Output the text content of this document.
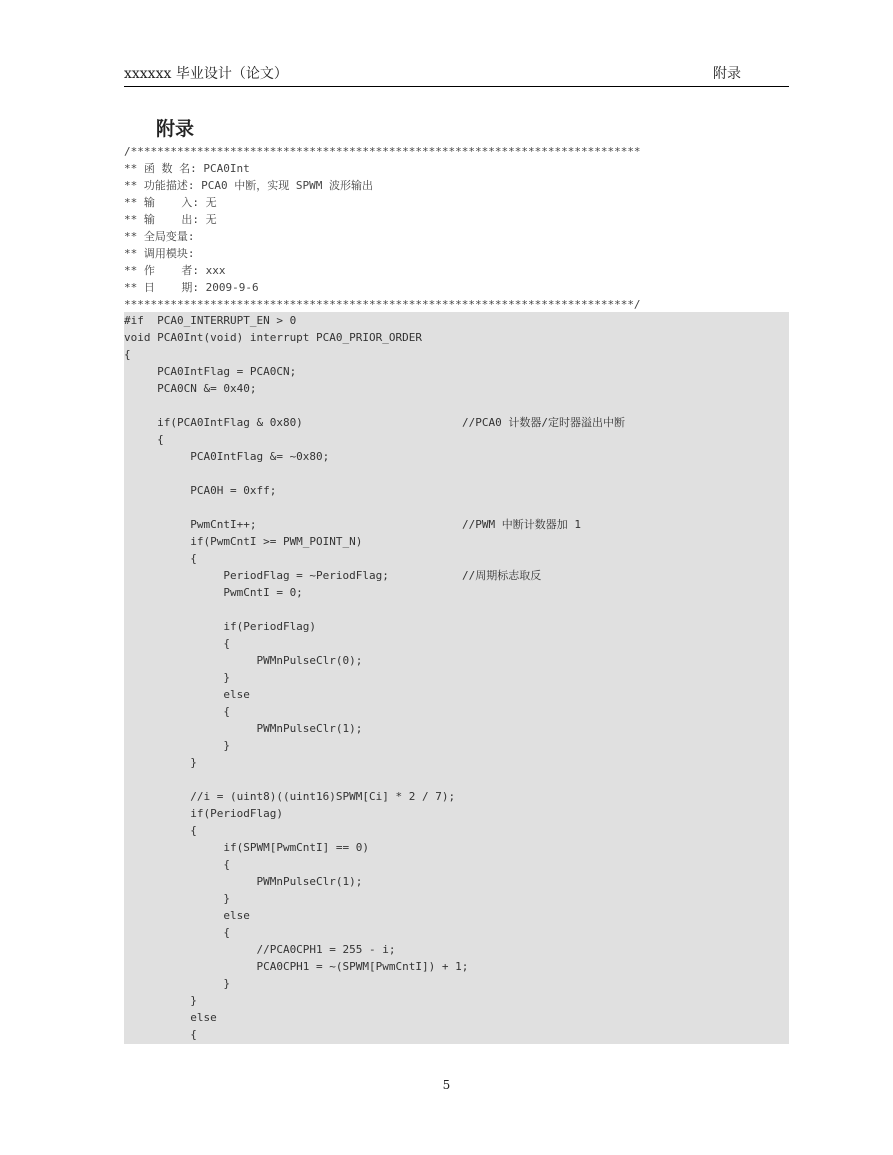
xxxxxx 毕业设计（论文）	附录
附录
/*****************************************************************************
** 函 数 名: PCA0Int
** 功能描述: PCA0 中断，实现 SPWM 波形输出
** 输    入: 无
** 输    出: 无
** 全局变量:
** 调用模块:
** 作    者: xxx
** 日    期: 2009-9-6
*****************************************************************************/
#if  PCA0_INTERRUPT_EN > 0
void PCA0Int(void) interrupt PCA0_PRIOR_ORDER
{
PCA0IntFlag = PCA0CN;
PCA0CN &= 0x40;
if(PCA0IntFlag & 0x80)	//PCA0 计数器/定时器溢出中断
{
PCA0IntFlag &= ~0x80;
PCA0H = 0xff;
PwmCntI++;	//PWM 中断计数器加 1
if(PwmCntI >= PWM_POINT_N)
{
PeriodFlag = ~PeriodFlag;	//周期标志取反
PwmCntI = 0;
if(PeriodFlag)
{
PWMnPulseClr(0);
}
else
{
PWMnPulseClr(1);
}
}
//i = (uint8)((uint16)SPWM[Ci] * 2 / 7);
if(PeriodFlag)
{
if(SPWM[PwmCntI] == 0)
{
PWMnPulseClr(1);
}
else
{
//PCA0CPH1 = 255 - i;
PCA0CPH1 = ~(SPWM[PwmCntI]) + 1;
}
}
else
{
5
